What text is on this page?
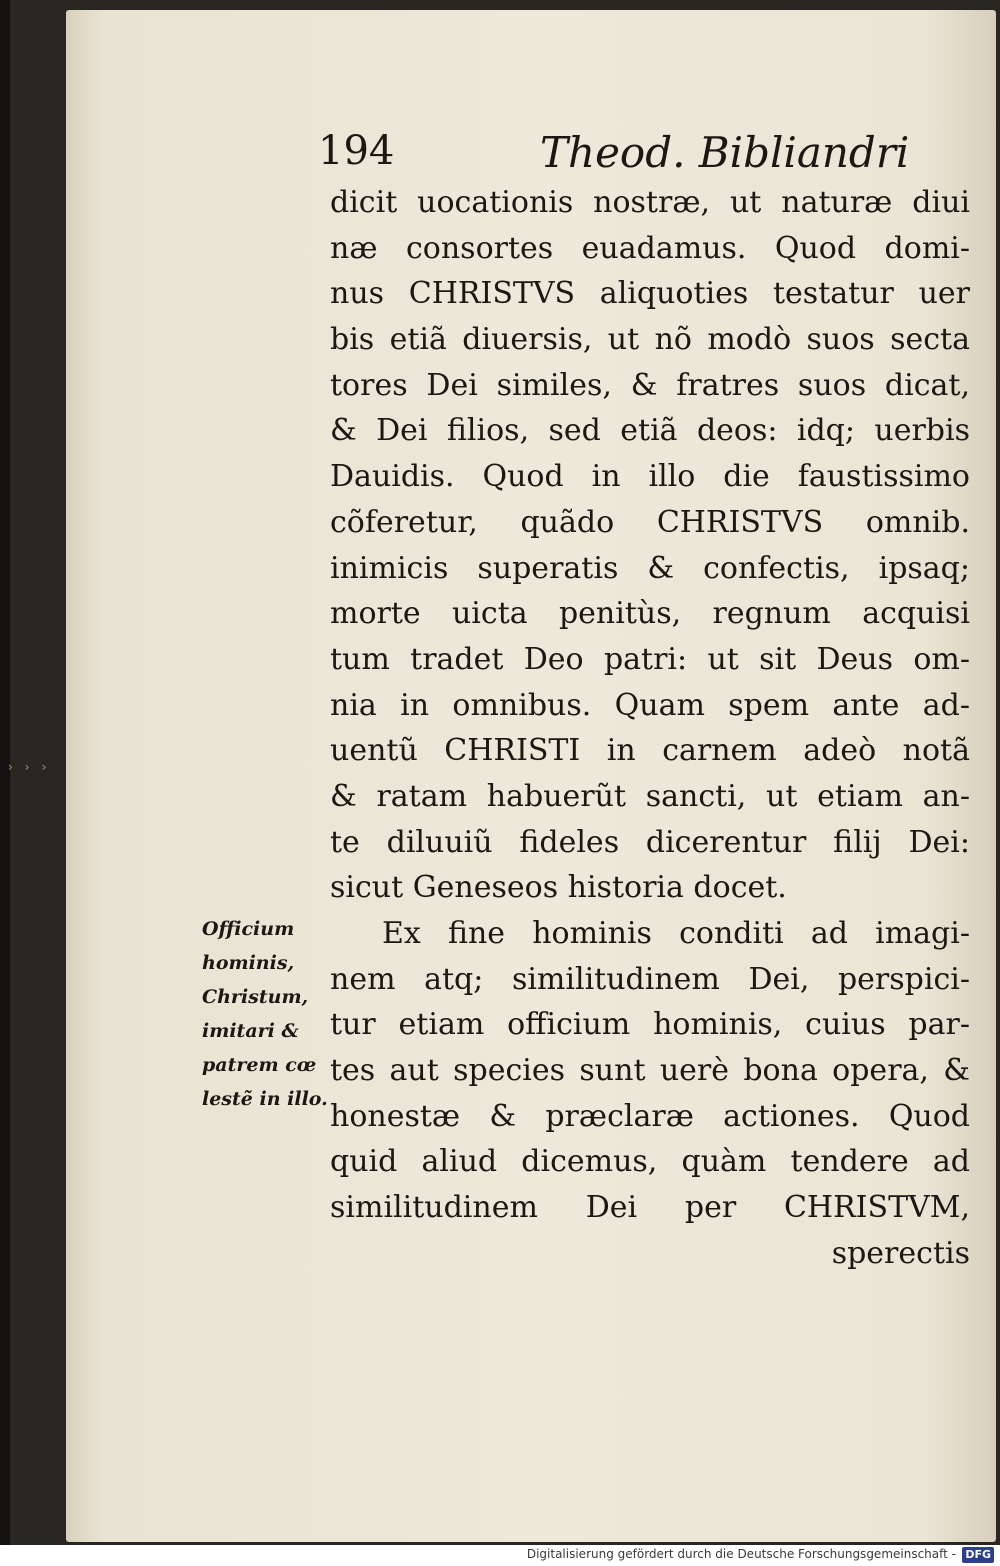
›››
194	Theod. Bibliandri
dicit uocationis nostræ, ut naturæ diui
næ consortes euadamus. Quod domi-
nus CHRISTVS aliquoties testatur uer
bis etiã diuersis, ut nõ modò suos secta
tores Dei similes, & fratres suos dicat,
& Dei filios, sed etiã deos: idq; uerbis
Dauidis. Quod in illo die faustissimo
cõferetur, quãdo CHRISTVS omnib.
inimicis superatis & confectis, ipsaq;
morte uicta penitùs, regnum acquisi
tum tradet Deo patri: ut sit Deus om-
nia in omnibus. Quam spem ante ad-
uentũ CHRISTI in carnem adeò notã
& ratam habuerũt sancti, ut etiam an-
te diluuiũ fideles dicerentur filij Dei:
sicut Geneseos historia docet.
Ex fine hominis conditi ad imagi-
nem atq; similitudinem Dei, perspici-
tur etiam officium hominis, cuius par-
tes aut species sunt uerè bona opera, &
honestæ & præclaræ actiones. Quod
quid aliud dicemus, quàm tendere ad
similitudinem Dei per CHRISTVM,
sperectis
Officium
hominis,
Christum,
imitari &
patrem cœ
lestẽ in illo.
Digitalisierung gefördert durch die Deutsche Forschungsgemeinschaft - DFG
